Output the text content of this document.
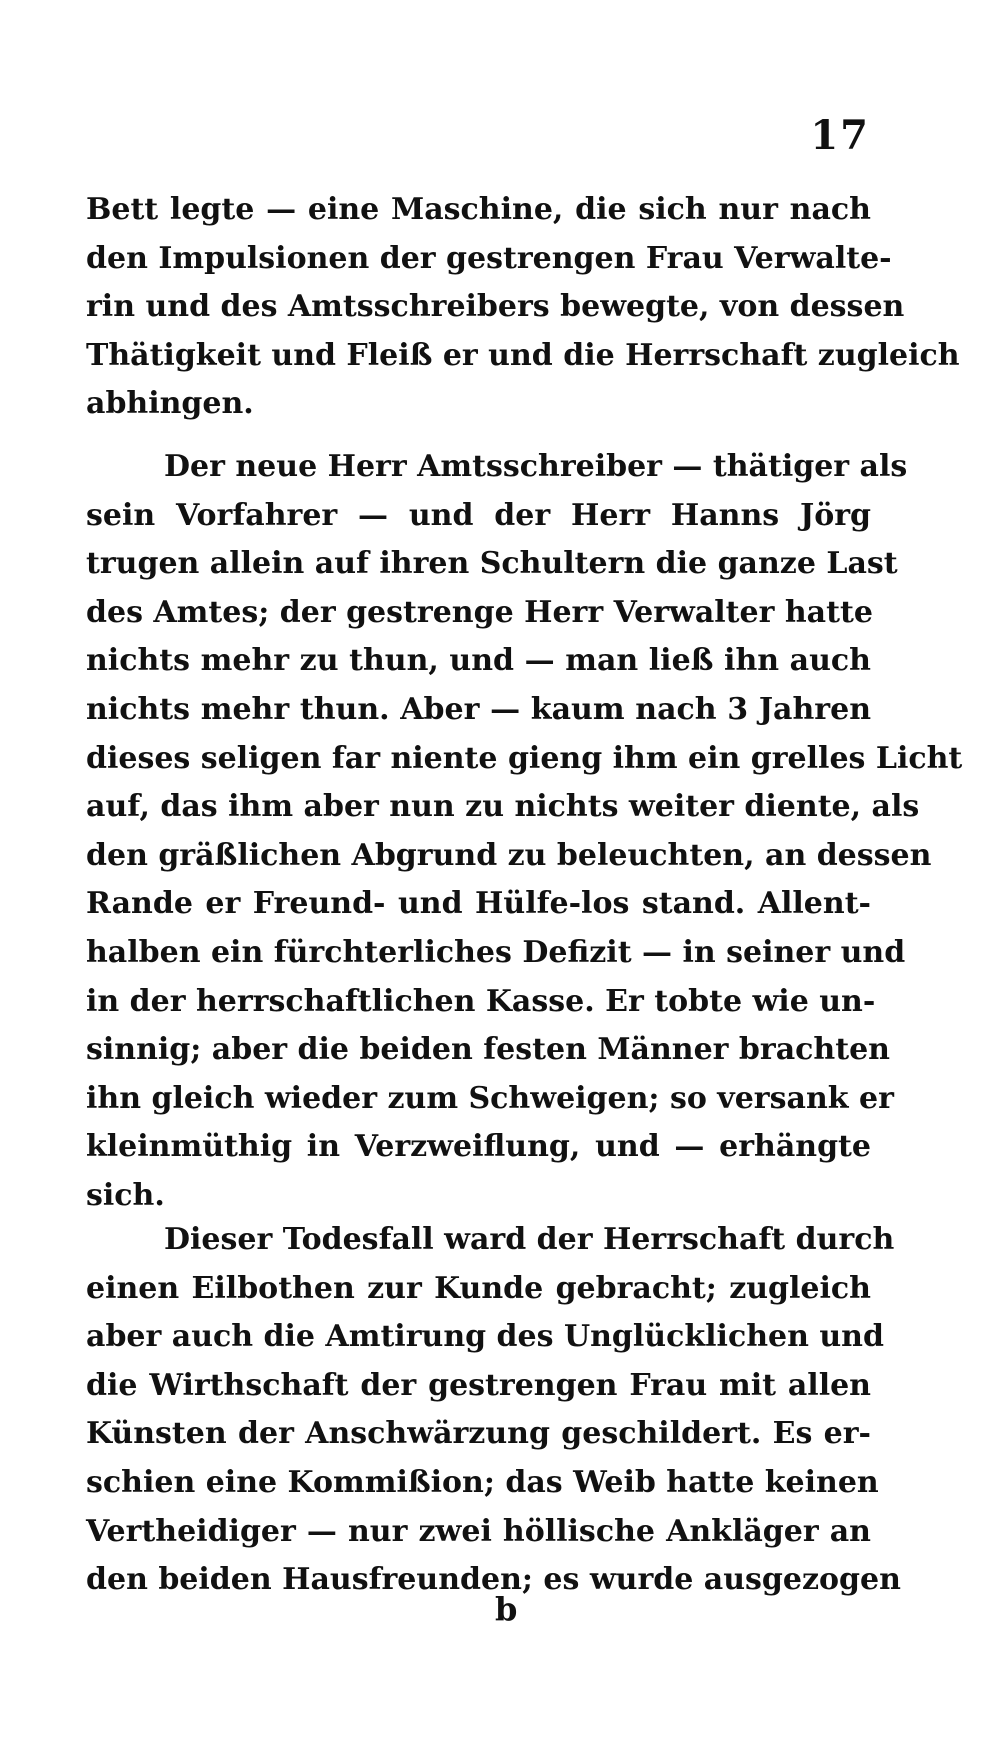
17
Bett legte — eine Maschine, die sich nur nach
den Impulsionen der gestrengen Frau Verwalte-
rin und des Amtsschreibers bewegte, von dessen
Thätigkeit und Fleiß er und die Herrschaft zugleich
abhingen.
Der neue Herr Amtsschreiber — thätiger als
sein Vorfahrer — und der Herr Hanns Jörg
trugen allein auf ihren Schultern die ganze Last
des Amtes; der gestrenge Herr Verwalter hatte
nichts mehr zu thun, und — man ließ ihn auch
nichts mehr thun. Aber — kaum nach 3 Jahren
dieses seligen far niente gieng ihm ein grelles Licht
auf, das ihm aber nun zu nichts weiter diente, als
den gräßlichen Abgrund zu beleuchten, an dessen
Rande er Freund- und Hülfe-los stand. Allent-
halben ein fürchterliches Defizit — in seiner und
in der herrschaftlichen Kasse. Er tobte wie un-
sinnig; aber die beiden festen Männer brachten
ihn gleich wieder zum Schweigen; so versank er
kleinmüthig in Verzweiflung, und — erhängte
sich.
Dieser Todesfall ward der Herrschaft durch
einen Eilbothen zur Kunde gebracht; zugleich
aber auch die Amtirung des Unglücklichen und
die Wirthschaft der gestrengen Frau mit allen
Künsten der Anschwärzung geschildert. Es er-
schien eine Kommißion; das Weib hatte keinen
Vertheidiger — nur zwei höllische Ankläger an
den beiden Hausfreunden; es wurde ausgezogen
b
